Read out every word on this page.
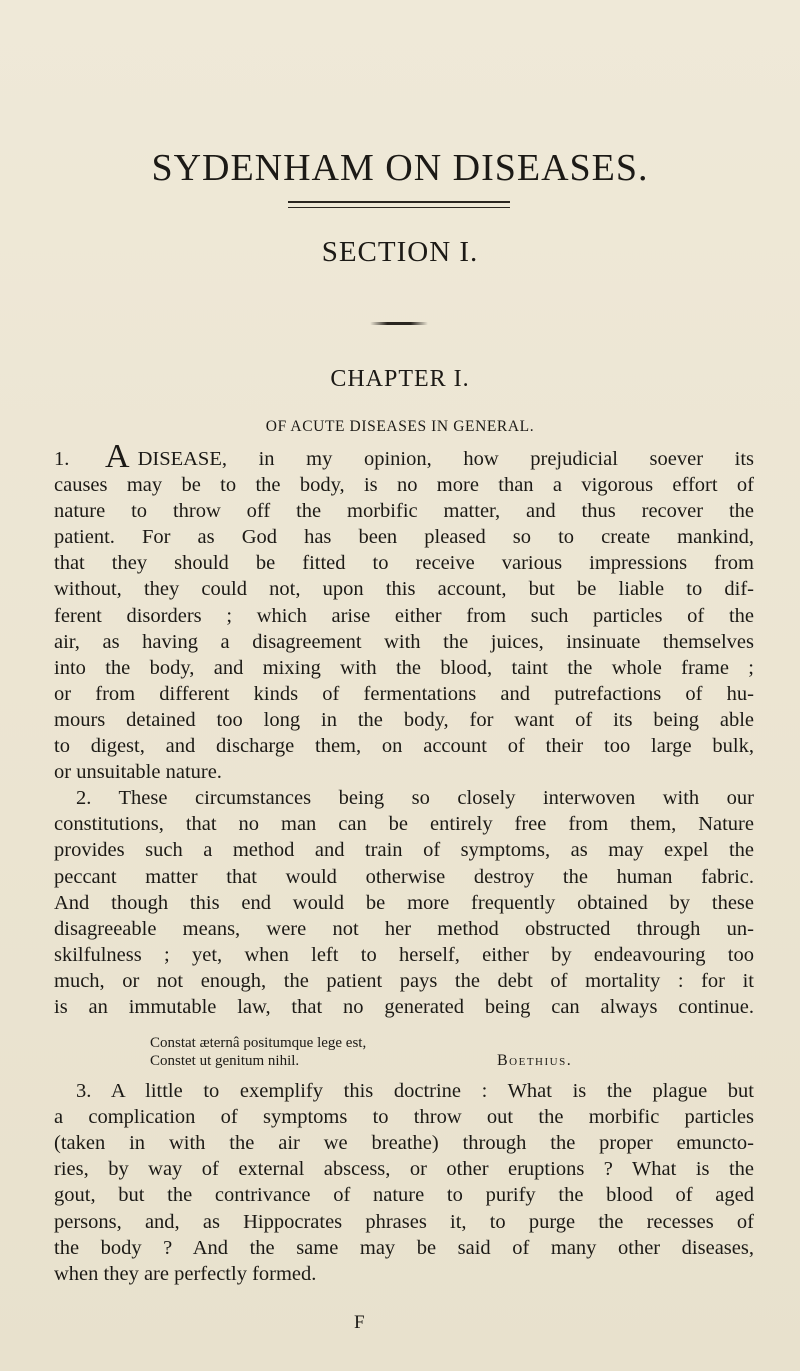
SYDENHAM ON DISEASES.
SECTION I.
CHAPTER I.
OF ACUTE DISEASES IN GENERAL.
1. A DISEASE, in my opinion, how prejudicial soever its
causes may be to the body, is no more than a vigorous effort of
nature to throw off the morbific matter, and thus recover the
patient. For as God has been pleased so to create mankind,
that they should be fitted to receive various impressions from
without, they could not, upon this account, but be liable to dif-
ferent disorders ; which arise either from such particles of the
air, as having a disagreement with the juices, insinuate themselves
into the body, and mixing with the blood, taint the whole frame ;
or from different kinds of fermentations and putrefactions of hu-
mours detained too long in the body, for want of its being able
to digest, and discharge them, on account of their too large bulk,
or unsuitable nature.
2. These circumstances being so closely interwoven with our
constitutions, that no man can be entirely free from them, Nature
provides such a method and train of symptoms, as may expel the
peccant matter that would otherwise destroy the human fabric.
And though this end would be more frequently obtained by these
disagreeable means, were not her method obstructed through un-
skilfulness ; yet, when left to herself, either by endeavouring too
much, or not enough, the patient pays the debt of mortality : for it
is an immutable law, that no generated being can always continue.
Constat æternâ positumque lege est,
Constet ut genitum nihil.	Boethius.
3. A little to exemplify this doctrine : What is the plague but
a complication of symptoms to throw out the morbific particles
(taken in with the air we breathe) through the proper emuncto-
ries, by way of external abscess, or other eruptions ? What is the
gout, but the contrivance of nature to purify the blood of aged
persons, and, as Hippocrates phrases it, to purge the recesses of
the body ? And the same may be said of many other diseases,
when they are perfectly formed.
F
